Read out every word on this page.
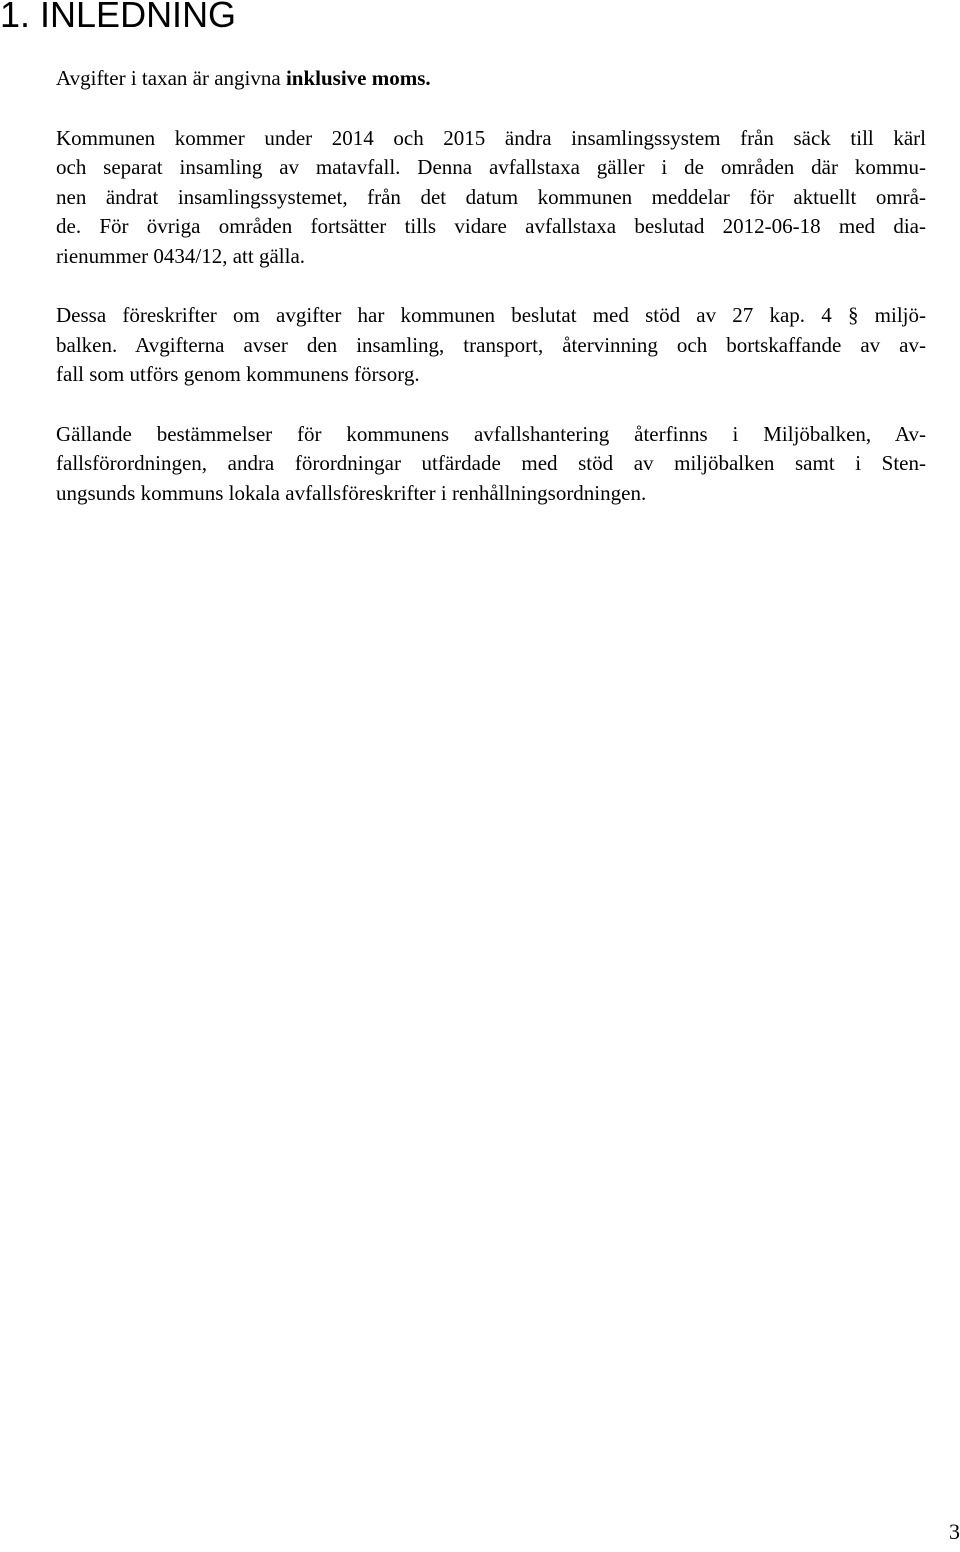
1. INLEDNING

Avgifter i taxan är angivna inklusive moms.

Kommunen kommer under 2014 och 2015 ändra insamlingssystem från säck till kärl
och separat insamling av matavfall. Denna avfallstaxa gäller i de områden där kommu-
nen ändrat insamlingssystemet, från det datum kommunen meddelar för aktuellt områ-
de. För övriga områden fortsätter tills vidare avfallstaxa beslutad 2012-06-18 med dia-
rienummer 0434/12, att gälla.

Dessa föreskrifter om avgifter har kommunen beslutat med stöd av 27 kap. 4 § miljö-
balken. Avgifterna avser den insamling, transport, återvinning och bortskaffande av av-
fall som utförs genom kommunens försorg.

Gällande bestämmelser för kommunens avfallshantering återfinns i Miljöbalken, Av-
fallsförordningen, andra förordningar utfärdade med stöd av miljöbalken samt i Sten-
ungsunds kommuns lokala avfallsföreskrifter i renhållningsordningen.

3
